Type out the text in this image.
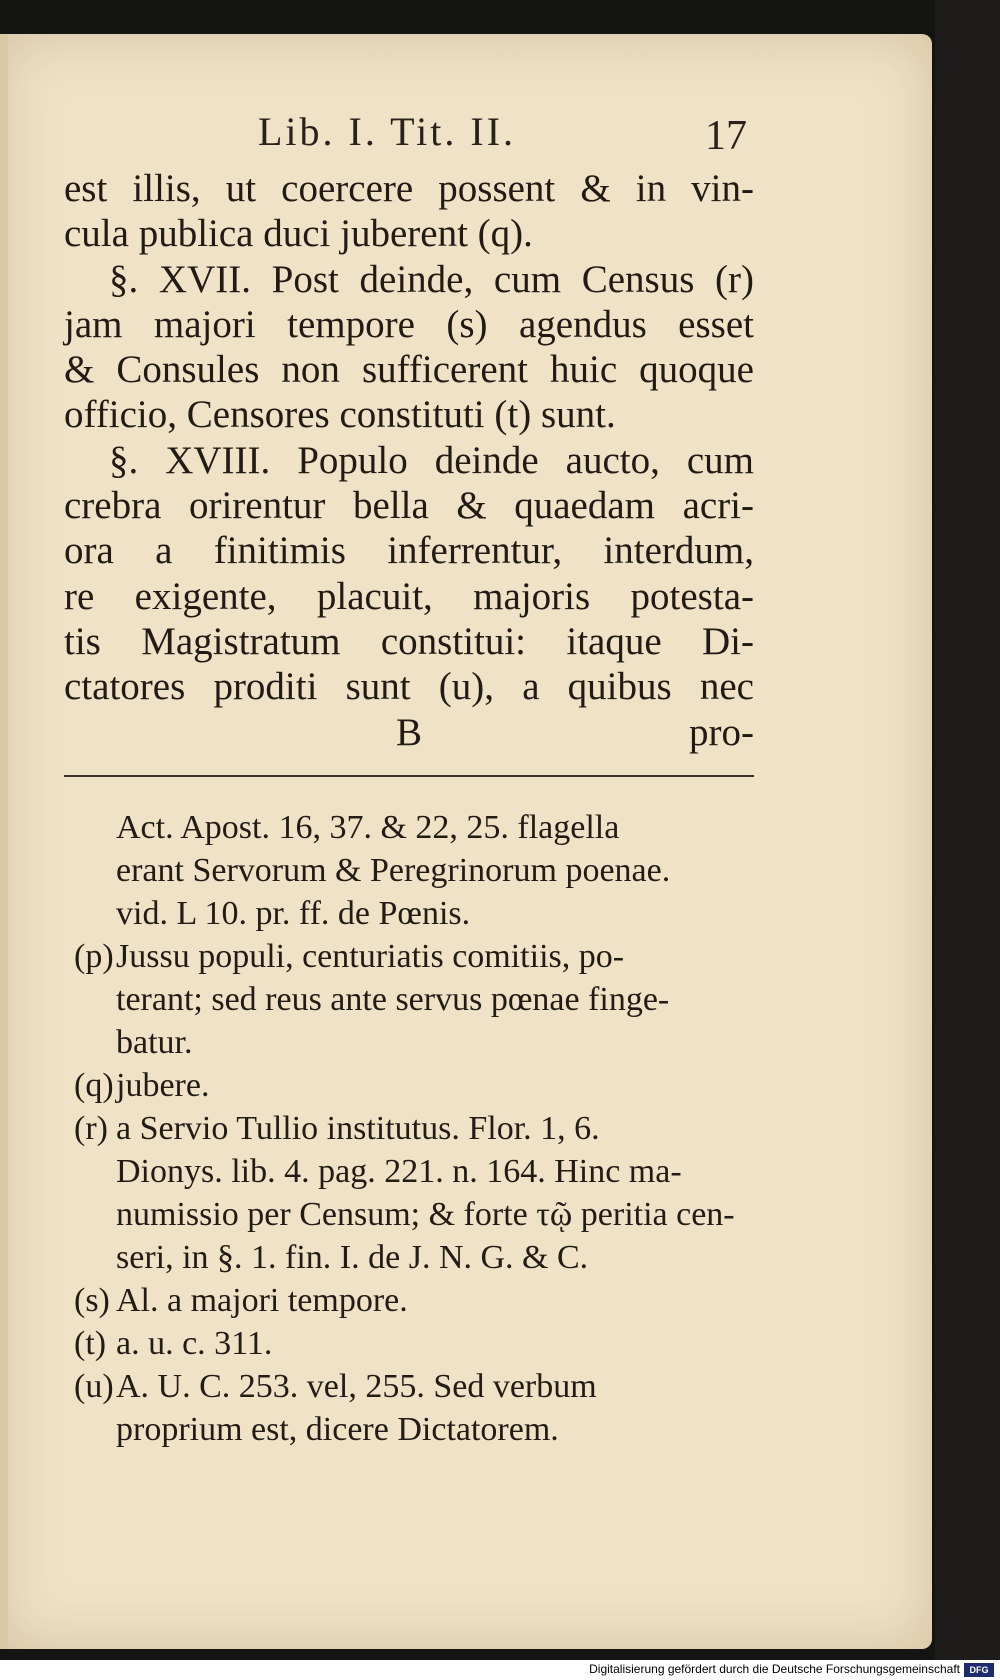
Lib. I. Tit. II.	17
est illis, ut coercere possent & in vin-
cula publica duci juberent (q).
§. XVII. Post deinde, cum Census (r)
jam majori tempore (s) agendus esset
& Consules non sufficerent huic quoque
officio, Censores constituti (t) sunt.
§. XVIII. Populo deinde aucto, cum
crebra orirentur bella & quaedam acri-
ora a finitimis inferrentur, interdum,
re exigente, placuit, majoris potesta-
tis Magistratum constitui: itaque Di-
ctatores proditi sunt (u), a quibus nec
B	pro-
Act. Apost. 16, 37. & 22, 25. flagella
erant Servorum & Peregrinorum poenae.
vid. L 10. pr. ff. de Pœnis.
(p) Jussu populi, centuriatis comitiis, po-
terant; sed reus ante servus pœnae finge-
batur.
(q) jubere.
(r) a Servio Tullio institutus. Flor. 1, 6.
Dionys. lib. 4. pag. 221. n. 164. Hinc ma-
numissio per Censum; & forte τῷ peritia cen-
seri, in §. 1. fin. I. de J. N. G. & C.
(s) Al. a majori tempore.
(t) a. u. c. 311.
(u) A. U. C. 253. vel, 255. Sed verbum
proprium est, dicere Dictatorem.
Digitalisierung gefördert durch die Deutsche Forschungsgemeinschaft	DFG
